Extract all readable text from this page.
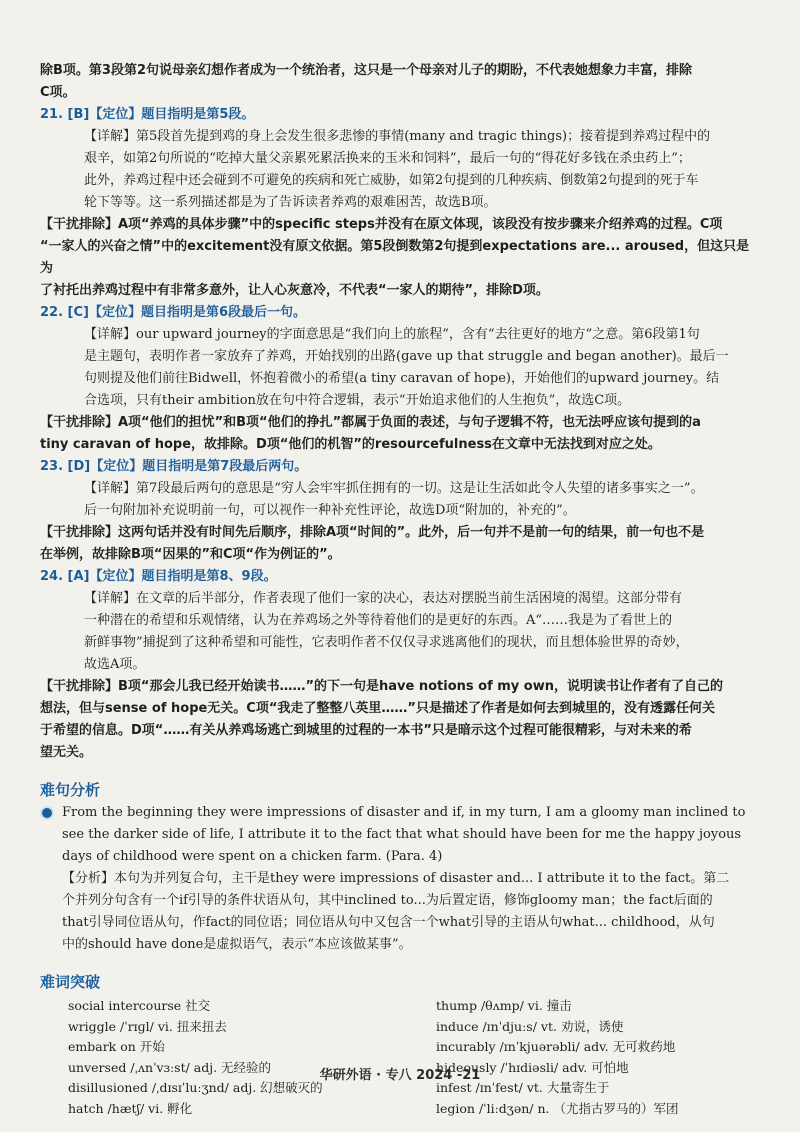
除B项。第3段第2句说母亲幻想作者成为一个统治者，这只是一个母亲对儿子的期盼，不代表她想象力丰富，排除

C项。

21. [B]【定位】题目指明是第5段。

【详解】第5段首先提到鸡的身上会发生很多悲惨的事情(many and tragic things)；接着提到养鸡过程中的

艰辛，如第2句所说的“吃掉大量父亲累死累活换来的玉米和饲料”，最后一句的“得花好多钱在杀虫药上”；

此外，养鸡过程中还会碰到不可避免的疾病和死亡威胁，如第2句提到的几种疾病、倒数第2句提到的死于车

轮下等等。这一系列描述都是为了告诉读者养鸡的艰难困苦，故选B项。

【干扰排除】A项“养鸡的具体步骤”中的specific steps并没有在原文体现，该段没有按步骤来介绍养鸡的过程。C项

“一家人的兴奋之情”中的excitement没有原文依据。第5段倒数第2句提到expectations are... aroused，但这只是为

了衬托出养鸡过程中有非常多意外，让人心灰意冷，不代表“一家人的期待”，排除D项。

22. [C]【定位】题目指明是第6段最后一句。

【详解】our upward journey的字面意思是“我们向上的旅程”，含有“去往更好的地方”之意。第6段第1句

是主题句，表明作者一家放弃了养鸡，开始找别的出路(gave up that struggle and began another)。最后一

句则提及他们前往Bidwell，怀抱着微小的希望(a tiny caravan of hope)，开始他们的upward journey。结

合选项，只有their ambition放在句中符合逻辑，表示“开始追求他们的人生抱负”，故选C项。

【干扰排除】A项“他们的担忧”和B项“他们的挣扎”都属于负面的表述，与句子逻辑不符，也无法呼应该句提到的a

tiny caravan of hope，故排除。D项“他们的机智”的resourcefulness在文章中无法找到对应之处。

23. [D]【定位】题目指明是第7段最后两句。

【详解】第7段最后两句的意思是“穷人会牢牢抓住拥有的一切。这是让生活如此令人失望的诸多事实之一”。

后一句附加补充说明前一句，可以视作一种补充性评论，故选D项“附加的，补充的”。

【干扰排除】这两句话并没有时间先后顺序，排除A项“时间的”。此外，后一句并不是前一句的结果，前一句也不是

在举例，故排除B项“因果的”和C项“作为例证的”。

24. [A]【定位】题目指明是第8、9段。

【详解】在文章的后半部分，作者表现了他们一家的决心，表达对摆脱当前生活困境的渴望。这部分带有

一种潜在的希望和乐观情绪，认为在养鸡场之外等待着他们的是更好的东西。A“……我是为了看世上的

新鲜事物”捕捉到了这种希望和可能性，它表明作者不仅仅寻求逃离他们的现状，而且想体验世界的奇妙，

故选A项。

【干扰排除】B项“那会儿我已经开始读书……”的下一句是have notions of my own，说明读书让作者有了自己的

想法，但与sense of hope无关。C项“我走了整整八英里……”只是描述了作者是如何去到城里的，没有透露任何关

于希望的信息。D项“……有关从养鸡场逃亡到城里的过程的一本书”只是暗示这个过程可能很精彩，与对未来的希

望无关。

难句分析
From the beginning they were impressions of disaster and if, in my turn, I am a gloomy man inclined to
see the darker side of life, I attribute it to the fact that what should have been for me the happy joyous
days of childhood were spent on a chicken farm. (Para. 4)

【分析】本句为并列复合句，主干是they were impressions of disaster and... I attribute it to the fact。第二

个并列分句含有一个if引导的条件状语从句，其中inclined to...为后置定语，修饰gloomy man；the fact后面的

that引导同位语从句，作fact的同位语；同位语从句中又包含一个what引导的主语从句what... childhood，从句

中的should have done是虚拟语气，表示“本应该做某事”。

难词突破
social intercourse 社交	thump /θʌmp/ vi. 撞击
wriggle /ˈrɪɡl/ vi. 扭来扭去	induce /ɪnˈdjuːs/ vt. 劝说，诱使
embark on 开始	incurably /ɪnˈkjuərəbli/ adv. 无可救药地
unversed /ˌʌnˈvɜːst/ adj. 无经验的	hideously /ˈhɪdiəsli/ adv. 可怕地
disillusioned /ˌdɪsɪˈluːʒnd/ adj. 幻想破灭的	infest /ɪnˈfest/ vt. 大量寄生于
hatch /hætʃ/ vi. 孵化	legion /ˈliːdʒən/ n. （尤指古罗马的）军团
华研外语 · 专八 2024 -21
